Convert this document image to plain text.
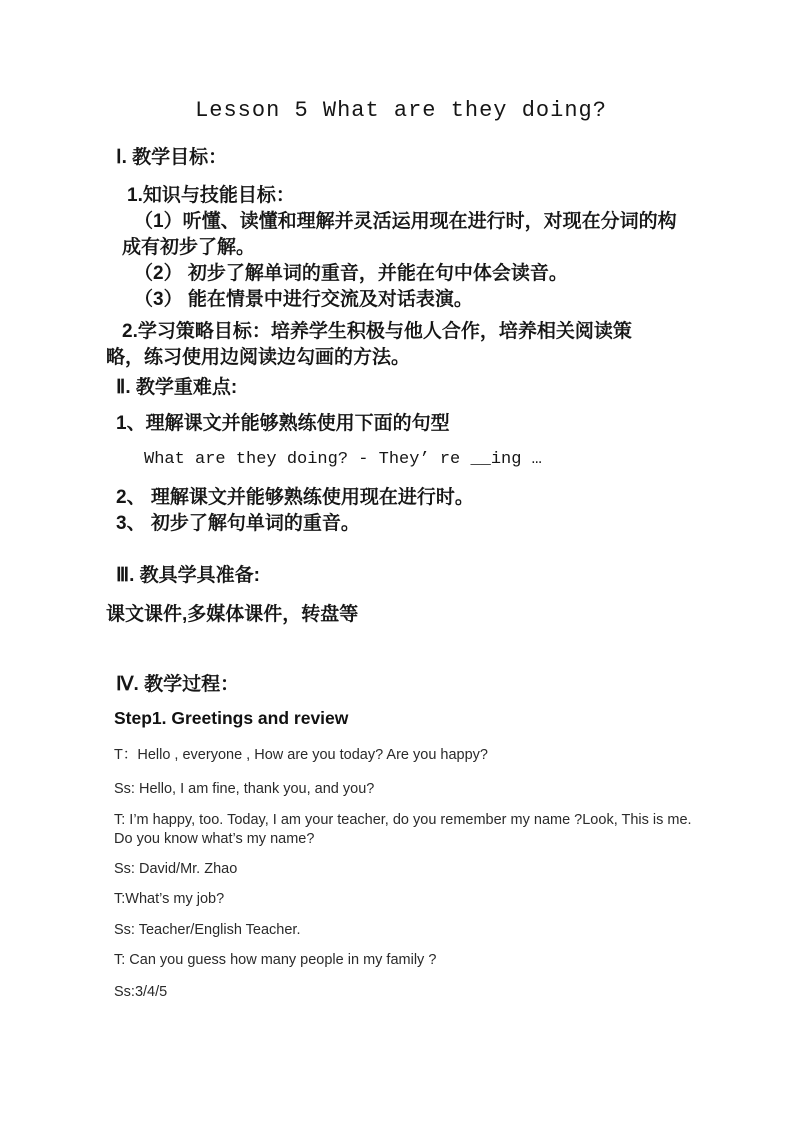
Lesson 5 What are they doing?

Ⅰ. 教学目标：

1.知识与技能目标：

（1）听懂、读懂和理解并灵活运用现在进行时，对现在分词的构成有初步了解。

（2） 初步了解单词的重音，并能在句中体会读音。

（3） 能在情景中进行交流及对话表演。

2.学习策略目标：培养学生积极与他人合作，培养相关阅读策略，练习使用边阅读边勾画的方法。

Ⅱ. 教学重难点:

1、理解课文并能够熟练使用下面的句型

What are they doing? - They’ re __ing …

2、 理解课文并能够熟练使用现在进行时。

3、 初步了解句单词的重音。

Ⅲ. 教具学具准备:

课文课件,多媒体课件，转盘等

Ⅳ. 教学过程：

Step1. Greetings and review

T：Hello , everyone , How are you today? Are you happy?

Ss: Hello, I am fine, thank you, and you?

T: I’m happy, too. Today, I am your teacher, do you remember my name ?Look, This is me. Do you know what’s my name?

Ss: David/Mr. Zhao

T:What’s my job?

Ss: Teacher/English Teacher.

T: Can you guess how many people in my family ?

Ss:3/4/5
